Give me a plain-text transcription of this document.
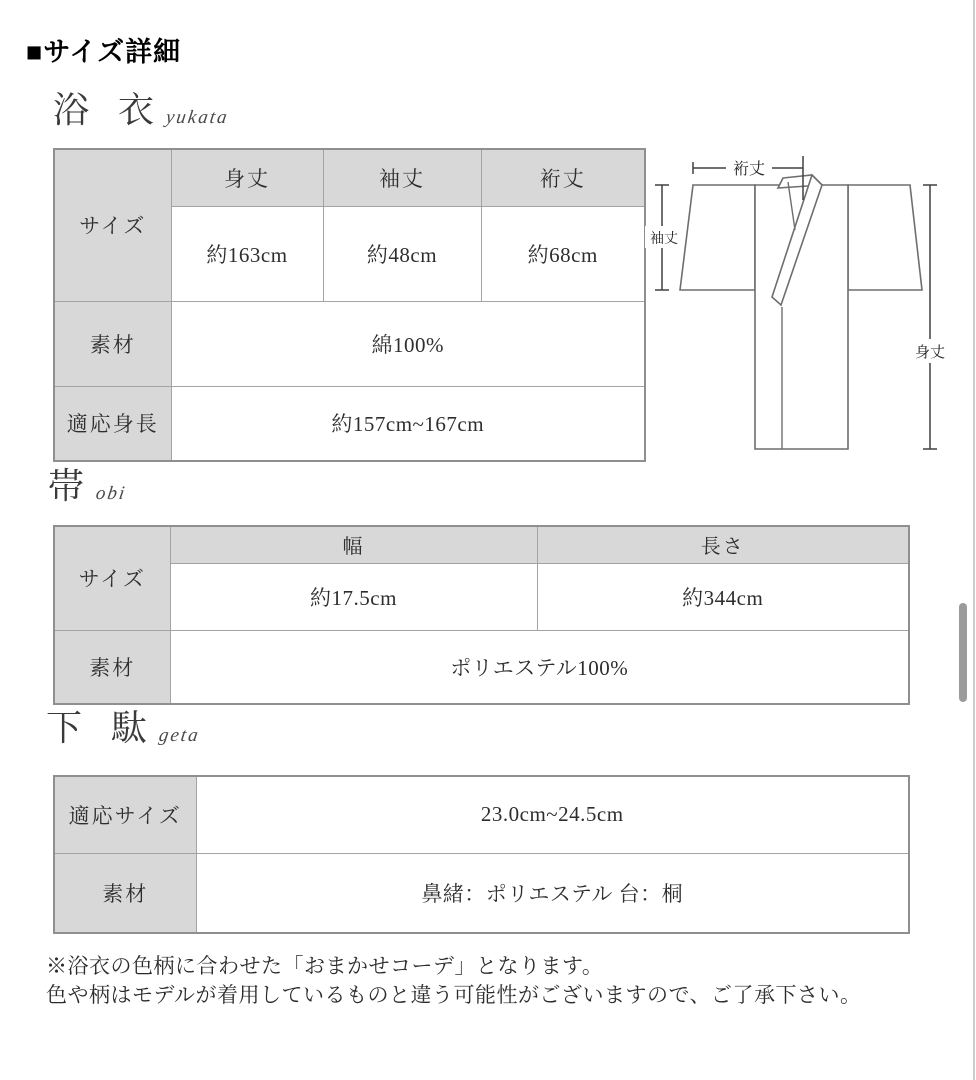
■サイズ詳細
浴 衣 yukata
サイズ	身丈	袖丈	裄丈
	約163cm	約48cm	約68cm
素材	綿100%		
適応身長	約157cm~167cm		
裄丈
袖丈
身丈
帯 obi
サイズ	幅	長さ
	約17.5cm	約344cm
素材	ポリエステル100%	
下 駄 geta
適応サイズ	23.0cm~24.5cm
素材	鼻緒：ポリエステル 台：桐
※浴衣の色柄に合わせた「おまかせコーデ」となります。
色や柄はモデルが着用しているものと違う可能性がございますので、ご了承下さい。
